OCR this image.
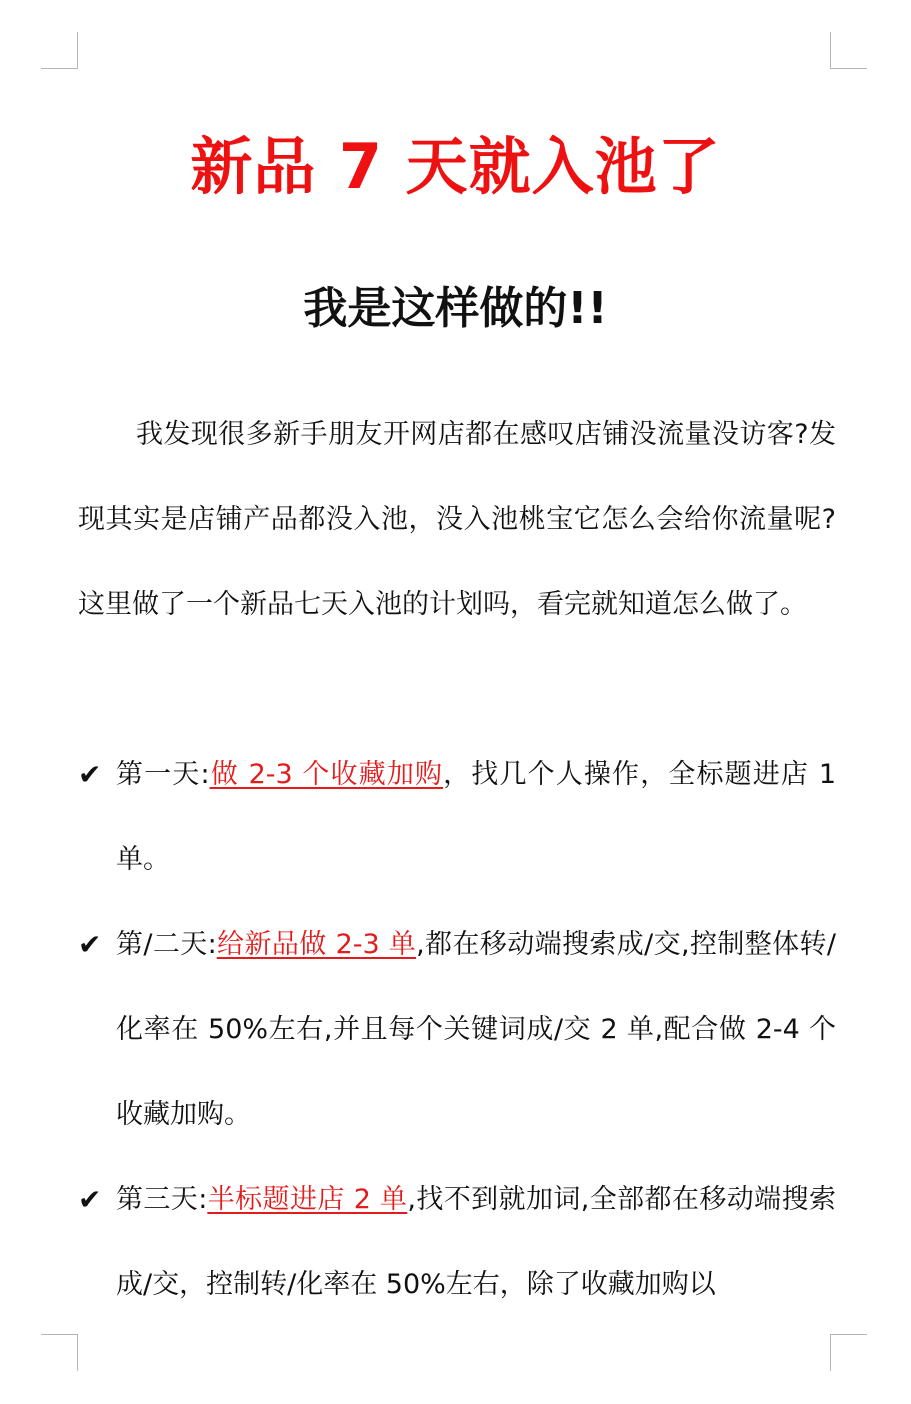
新品 7 天就入池了
我是这样做的!!

我发现很多新手朋友开网店都在感叹店铺没流量没访客?发现其实是店铺产品都没入池，没入池桃宝它怎么会给你流量呢?这里做了一个新品七天入池的计划吗，看完就知道怎么做了。

✔ 第一天:做 2-3 个收藏加购，找几个人操作，全标题进店 1 单。
✔ 第/二天:给新品做 2-3 单,都在移动端搜索成/交,控制整体转/化率在 50%左右,并且每个关键词成/交 2 单,配合做 2-4 个收藏加购。
✔ 第三天:半标题进店 2 单,找不到就加词,全部都在移动端搜索成/交，控制转/化率在 50%左右，除了收藏加购以
